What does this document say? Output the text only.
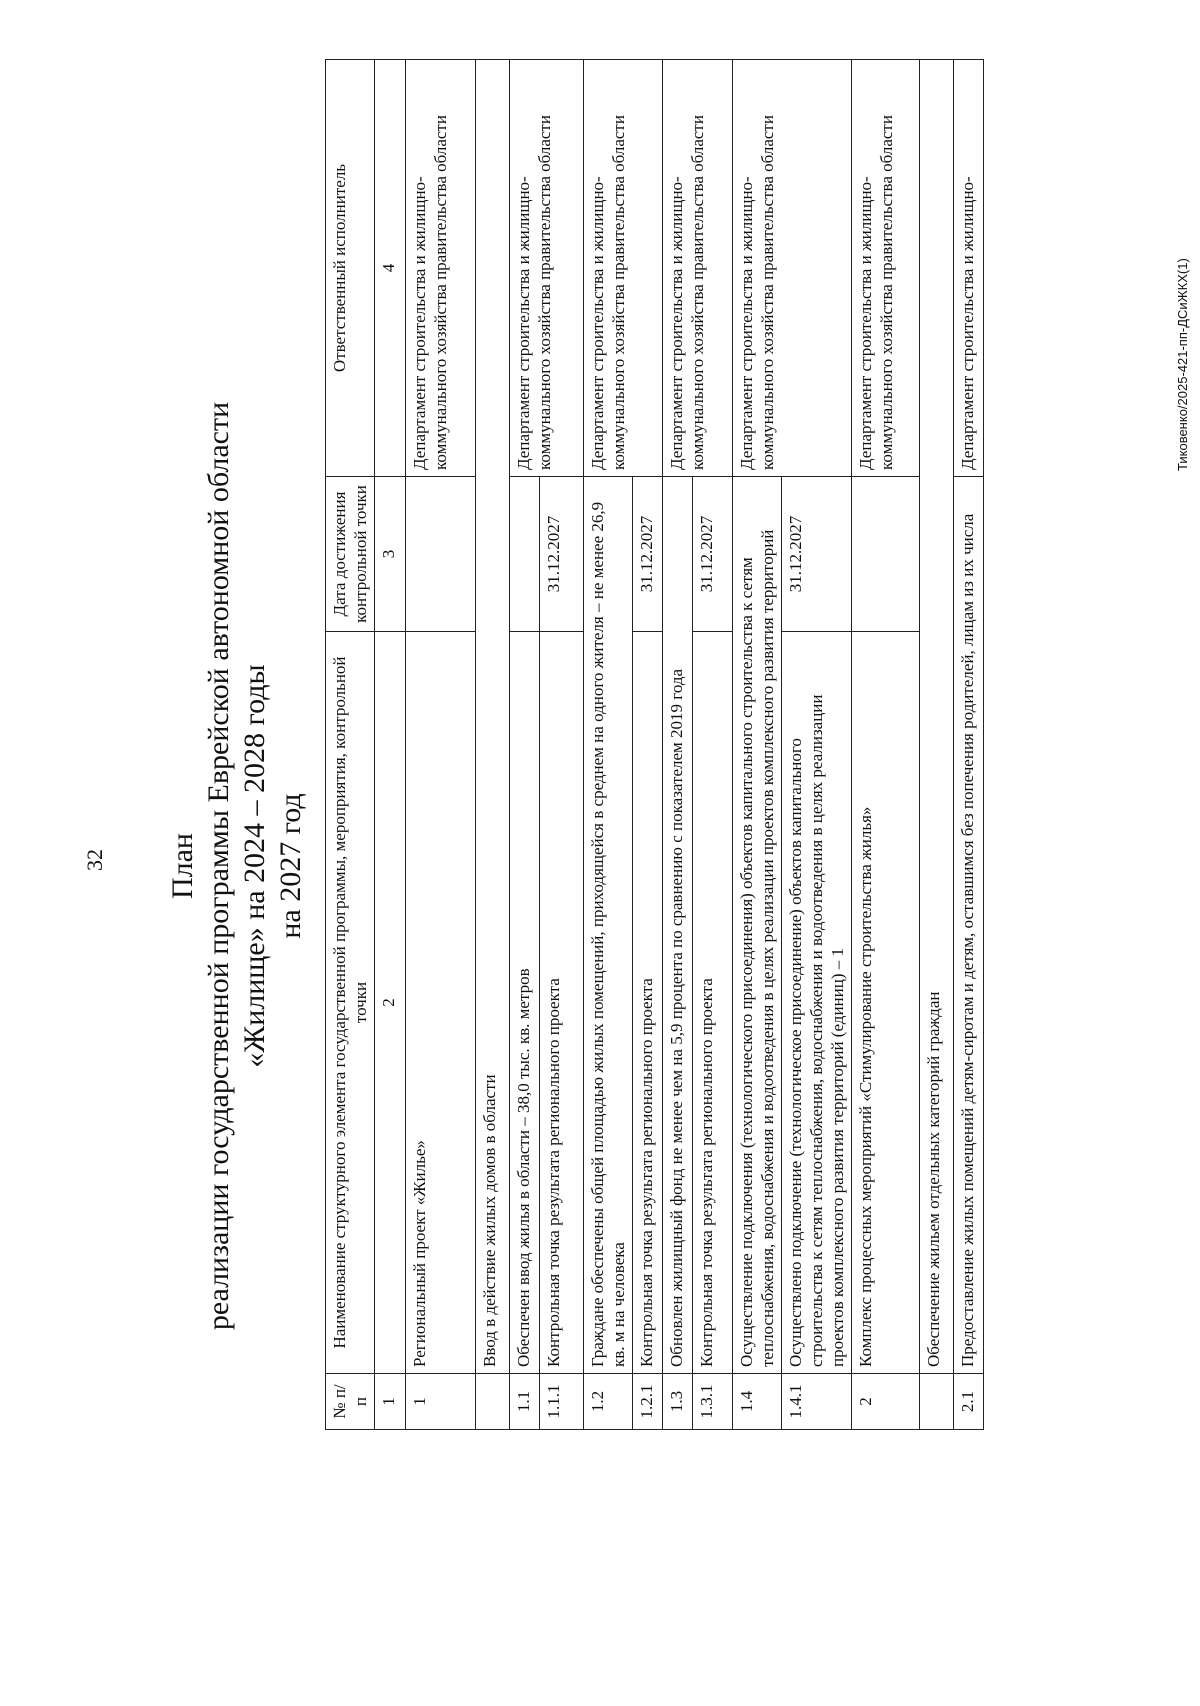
32 План реализации государственной программы Еврейской автономной области «Жилище» на 2024 – 2028 годы на 2027 год
№ п/п	Наименование структурного элемента государственной программы, мероприятия, контрольной точки	Дата достижения контрольной точки	Ответственный исполнитель
1	2	3	4
1	Региональный проект «Жилье»		Департамент строительства и жилищно-коммунального хозяйства правительства области
	Ввод в действие жилых домов в области		
1.1	Обеспечен ввод жилья в области – 38,0 тыс. кв. метров		Департамент строительства и жилищно-коммунального хозяйства правительства области
1.1.1	Контрольная точка результата регионального проекта	31.12.2027	
1.2	Граждане обеспечены общей площадью жилых помещений, приходящейся в среднем на одного жителя – не менее 26,9 кв. м на человека		Департамент строительства и жилищно-коммунального хозяйства правительства области
1.2.1	Контрольная точка результата регионального проекта	31.12.2027	
1.3	Обновлен жилищный фонд не менее чем на 5,9 процента по сравнению с показателем 2019 года		Департамент строительства и жилищно-коммунального хозяйства правительства области
1.3.1	Контрольная точка результата регионального проекта	31.12.2027	
1.4	Осуществление подключения (технологического присоединения) объектов капитального строительства к сетям теплоснабжения, водоснабжения и водоотведения в целях реализации проектов комплексного развития территорий		Департамент строительства и жилищно-коммунального хозяйства правительства области
1.4.1	Осуществлено подключение (технологическое присоединение) объектов капитального строительства к сетям теплоснабжения, водоснабжения и водоотведения в целях реализации проектов комплексного развития территорий (единиц) – 1	31.12.2027	
2	Комплекс процессных мероприятий «Стимулирование строительства жилья»		Департамент строительства и жилищно-коммунального хозяйства правительства области
	Обеспечение жильем отдельных категорий граждан		
2.1	Предоставление жилых помещений детям-сиротам и детям, оставшимся без попечения родителей, лицам из их числа		Департамент строительства и жилищно-	Тиковенко/2025-421-пп-ДСиЖКХ(1)
